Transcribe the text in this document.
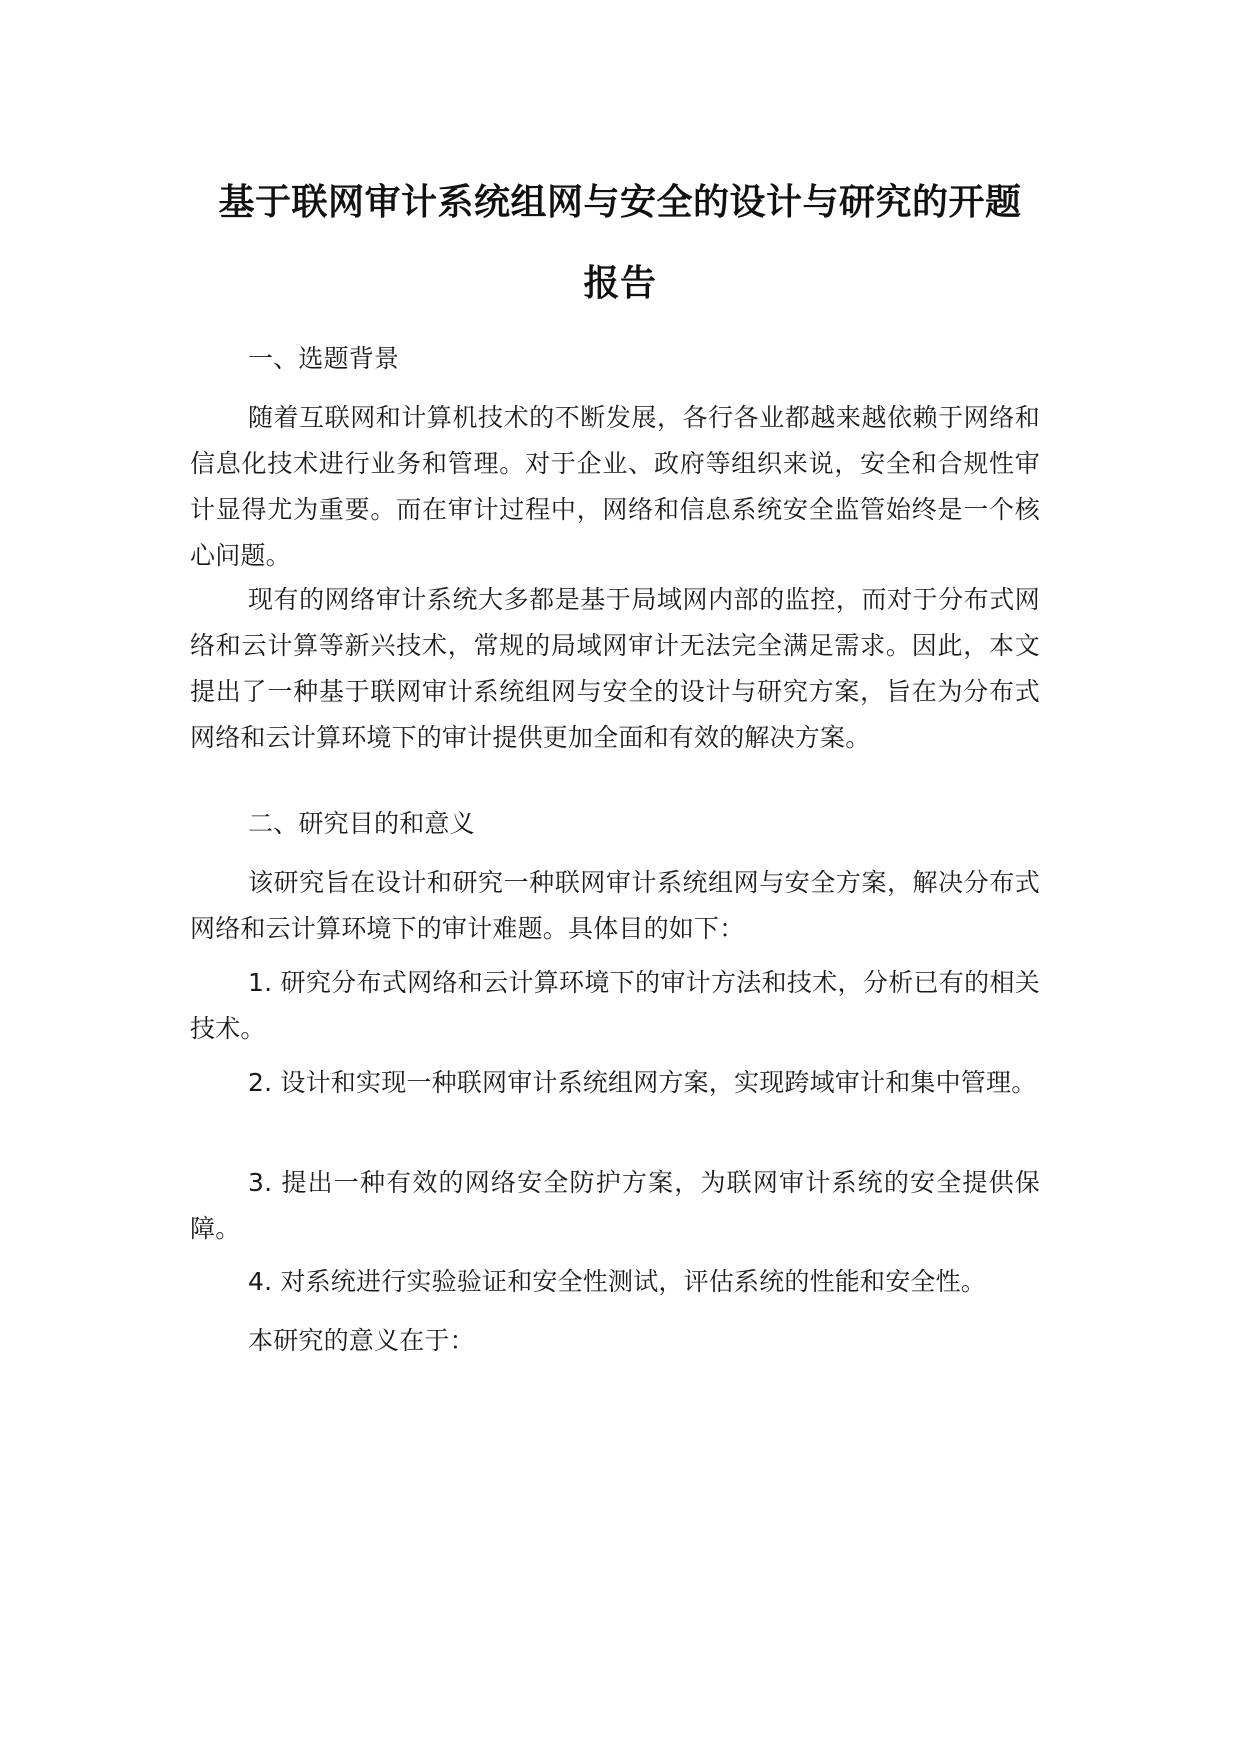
基于联网审计系统组网与安全的设计与研究的开题
报告

一、选题背景

随着互联网和计算机技术的不断发展，各行各业都越来越依赖于网络和信息化技术进行业务和管理。对于企业、政府等组织来说，安全和合规性审计显得尤为重要。而在审计过程中，网络和信息系统安全监管始终是一个核心问题。

现有的网络审计系统大多都是基于局域网内部的监控，而对于分布式网络和云计算等新兴技术，常规的局域网审计无法完全满足需求。因此，本文提出了一种基于联网审计系统组网与安全的设计与研究方案，旨在为分布式网络和云计算环境下的审计提供更加全面和有效的解决方案。

二、研究目的和意义

该研究旨在设计和研究一种联网审计系统组网与安全方案，解决分布式网络和云计算环境下的审计难题。具体目的如下：

1. 研究分布式网络和云计算环境下的审计方法和技术，分析已有的相关技术。

2. 设计和实现一种联网审计系统组网方案，实现跨域审计和集中管理。

3. 提出一种有效的网络安全防护方案，为联网审计系统的安全提供保障。

4. 对系统进行实验验证和安全性测试，评估系统的性能和安全性。

本研究的意义在于：
